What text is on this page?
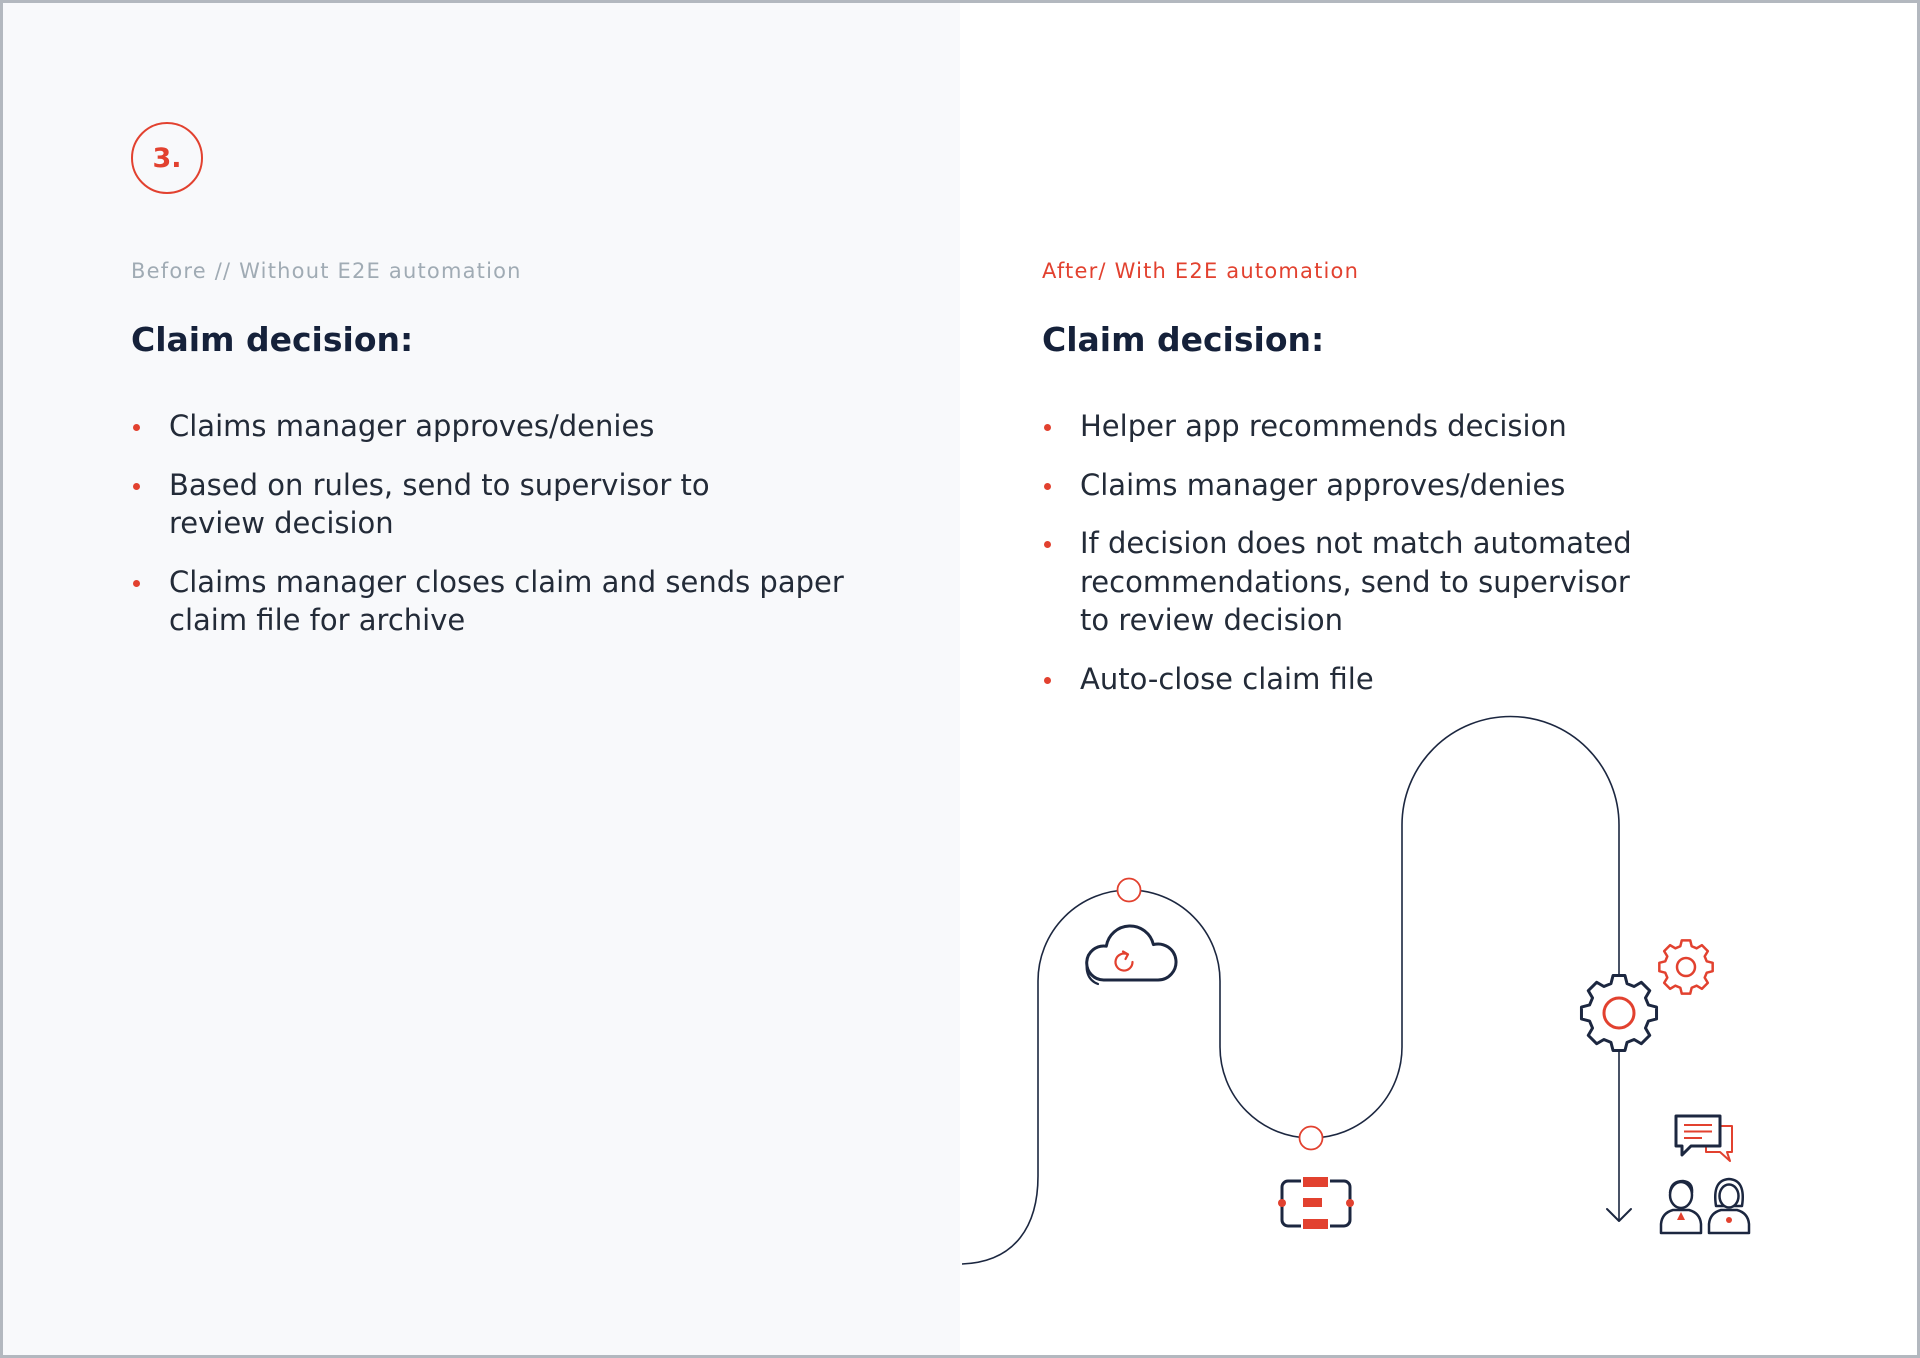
3.
Before // Without E2E automation
Claim decision:
Claims manager approves/denies
Based on rules, send to supervisor to
review decision
Claims manager closes claim and sends paper
claim file for archive
After/ With E2E automation
Claim decision:
Helper app recommends decision
Claims manager approves/denies
If decision does not match automated
recommendations, send to supervisor
to review decision
Auto-close claim file
